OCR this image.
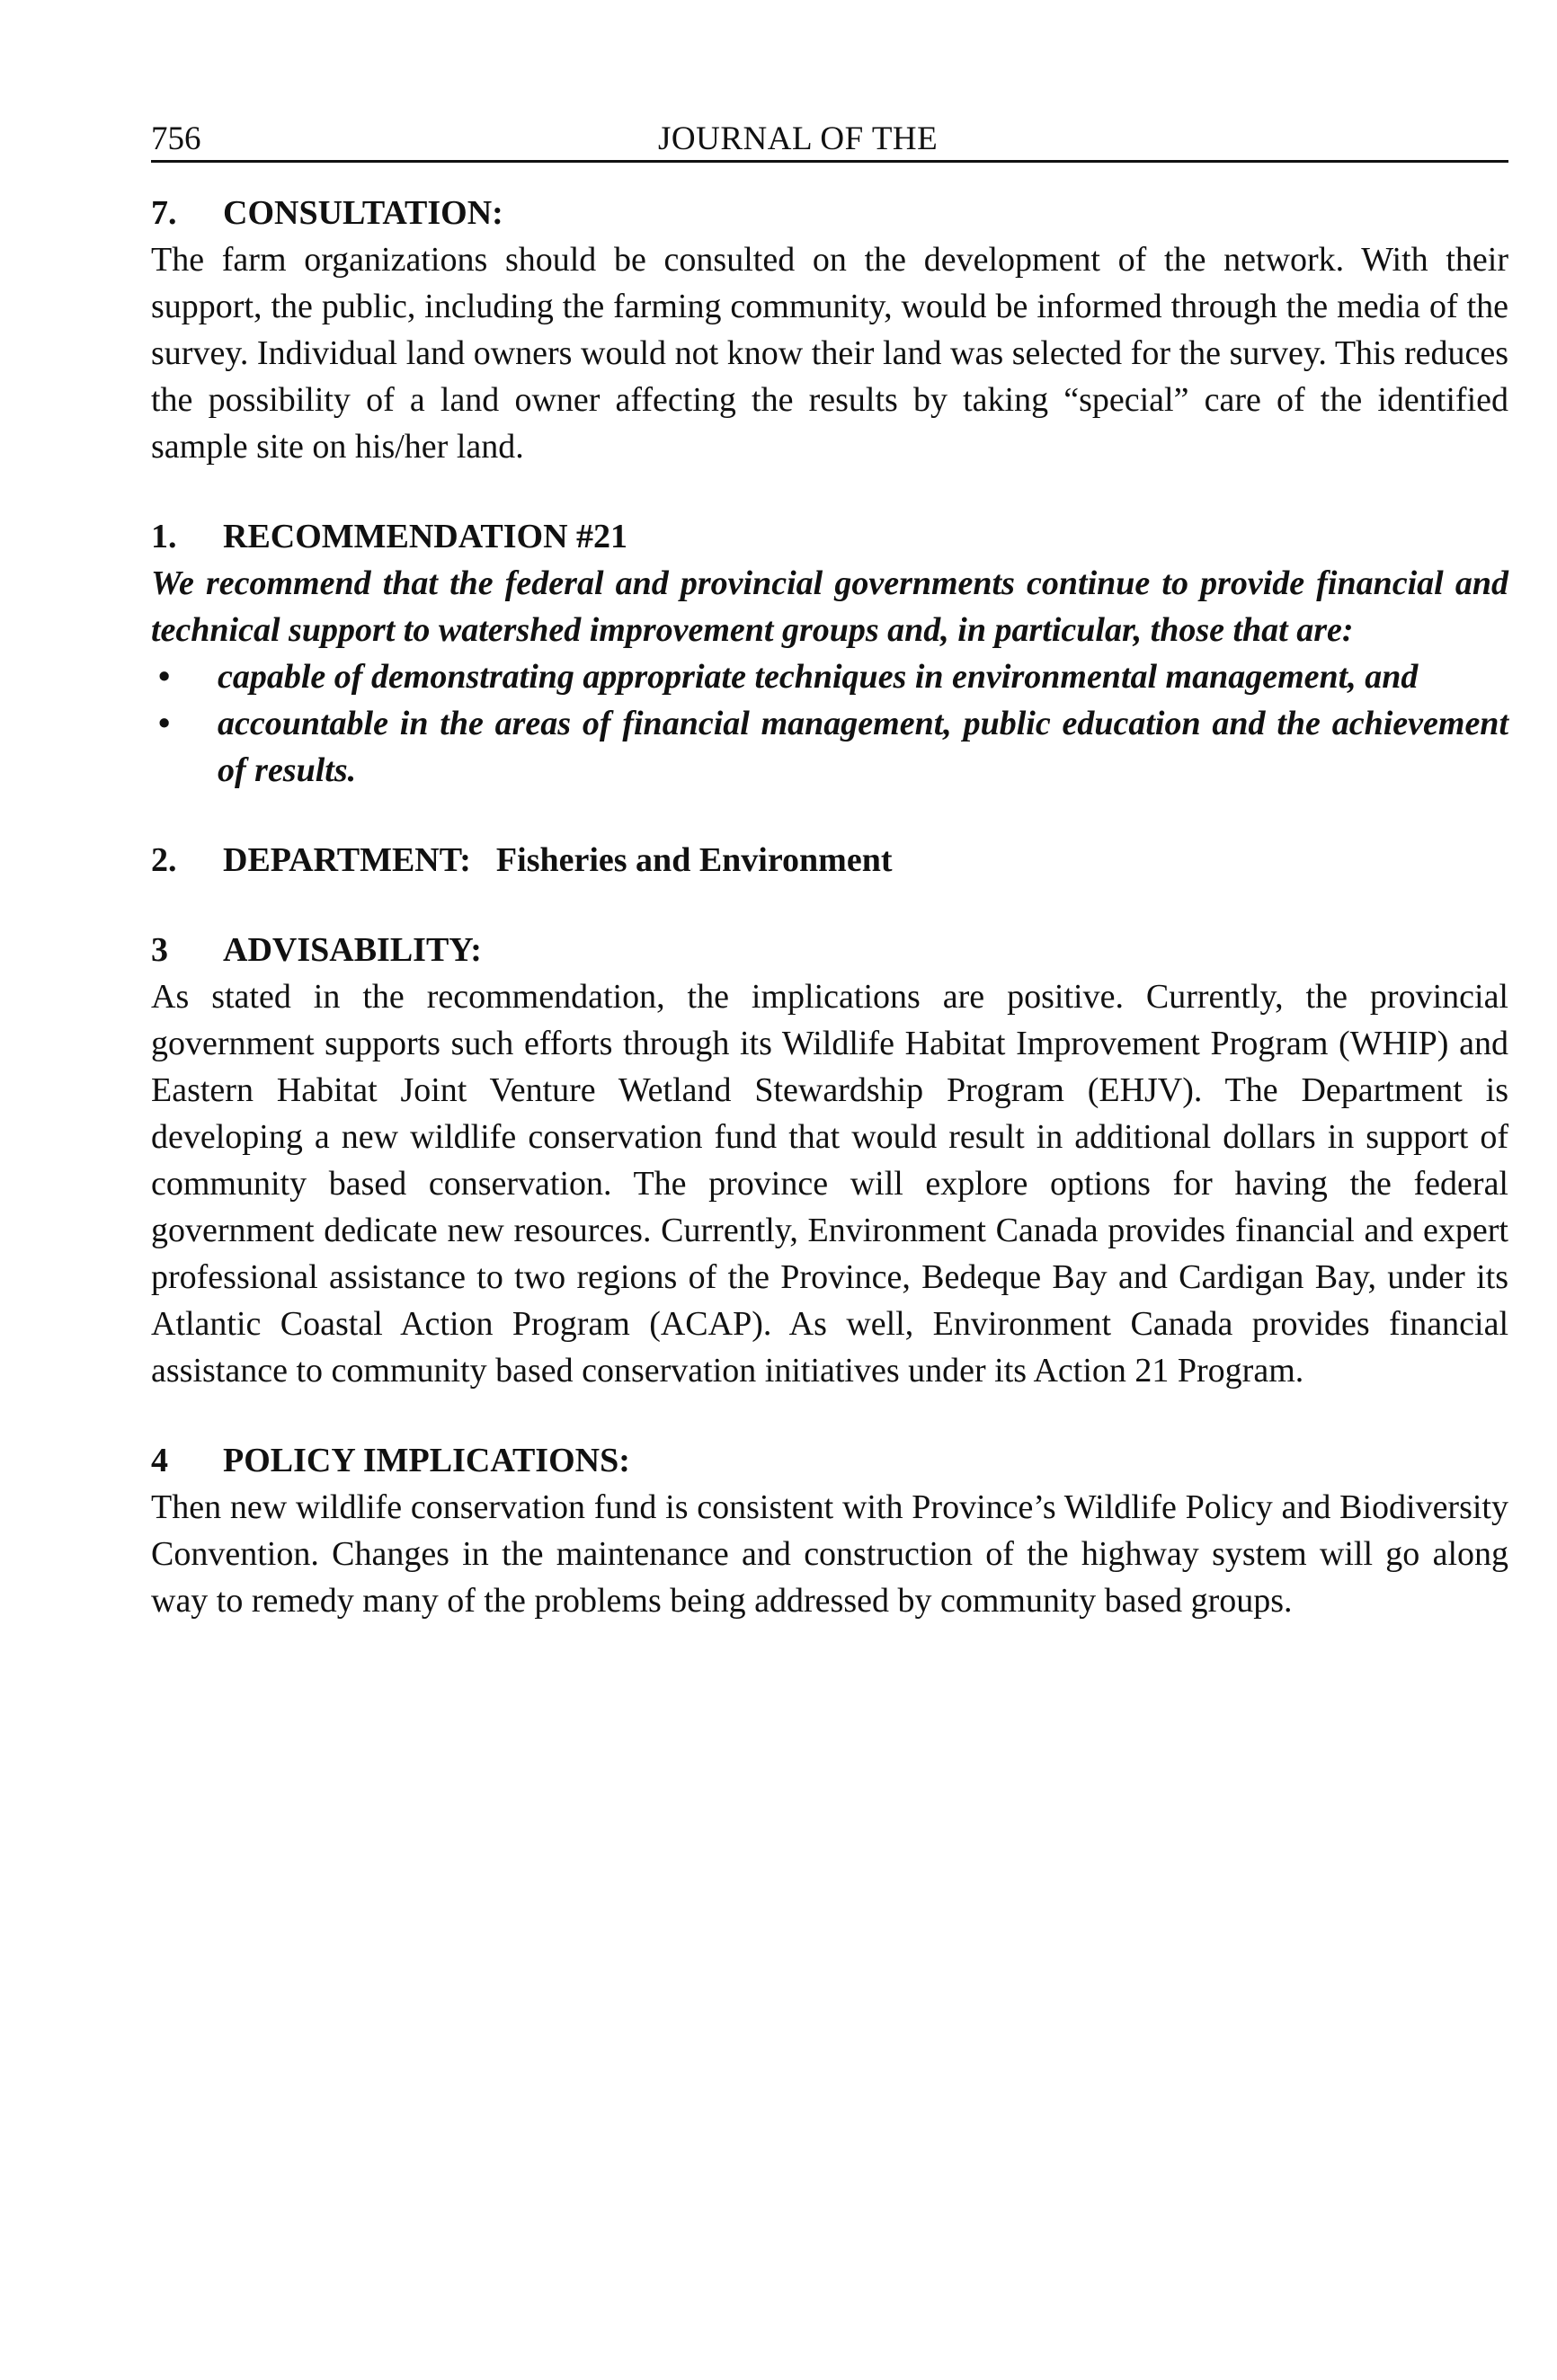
756	JOURNAL OF THE
7. CONSULTATION:

The farm organizations should be consulted on the development of the network. With their support, the public, including the farming community, would be informed through the media of the survey. Individual land owners would not know their land was selected for the survey. This reduces the possibility of a land owner affecting the results by taking “special” care of the identified sample site on his/her land.

1. RECOMMENDATION #21

We recommend that the federal and provincial governments continue to provide financial and technical support to watershed improvement groups and, in particular, those that are:

• capable of demonstrating appropriate techniques in environmental management, and
• accountable in the areas of financial management, public education and the achievement of results.
2. DEPARTMENT: Fisheries and Environment
3 ADVISABILITY:

As stated in the recommendation, the implications are positive. Currently, the provincial government supports such efforts through its Wildlife Habitat Improvement Program (WHIP) and Eastern Habitat Joint Venture Wetland Stewardship Program (EHJV). The Department is developing a new wildlife conservation fund that would result in additional dollars in support of community based conservation. The province will explore options for having the federal government dedicate new resources. Currently, Environment Canada provides financial and expert professional assistance to two regions of the Province, Bedeque Bay and Cardigan Bay, under its Atlantic Coastal Action Program (ACAP). As well, Environment Canada provides financial assistance to community based conservation initiatives under its Action 21 Program.

4 POLICY IMPLICATIONS:

Then new wildlife conservation fund is consistent with Province’s Wildlife Policy and Biodiversity Convention. Changes in the maintenance and construction of the highway system will go along way to remedy many of the problems being addressed by community based groups.
